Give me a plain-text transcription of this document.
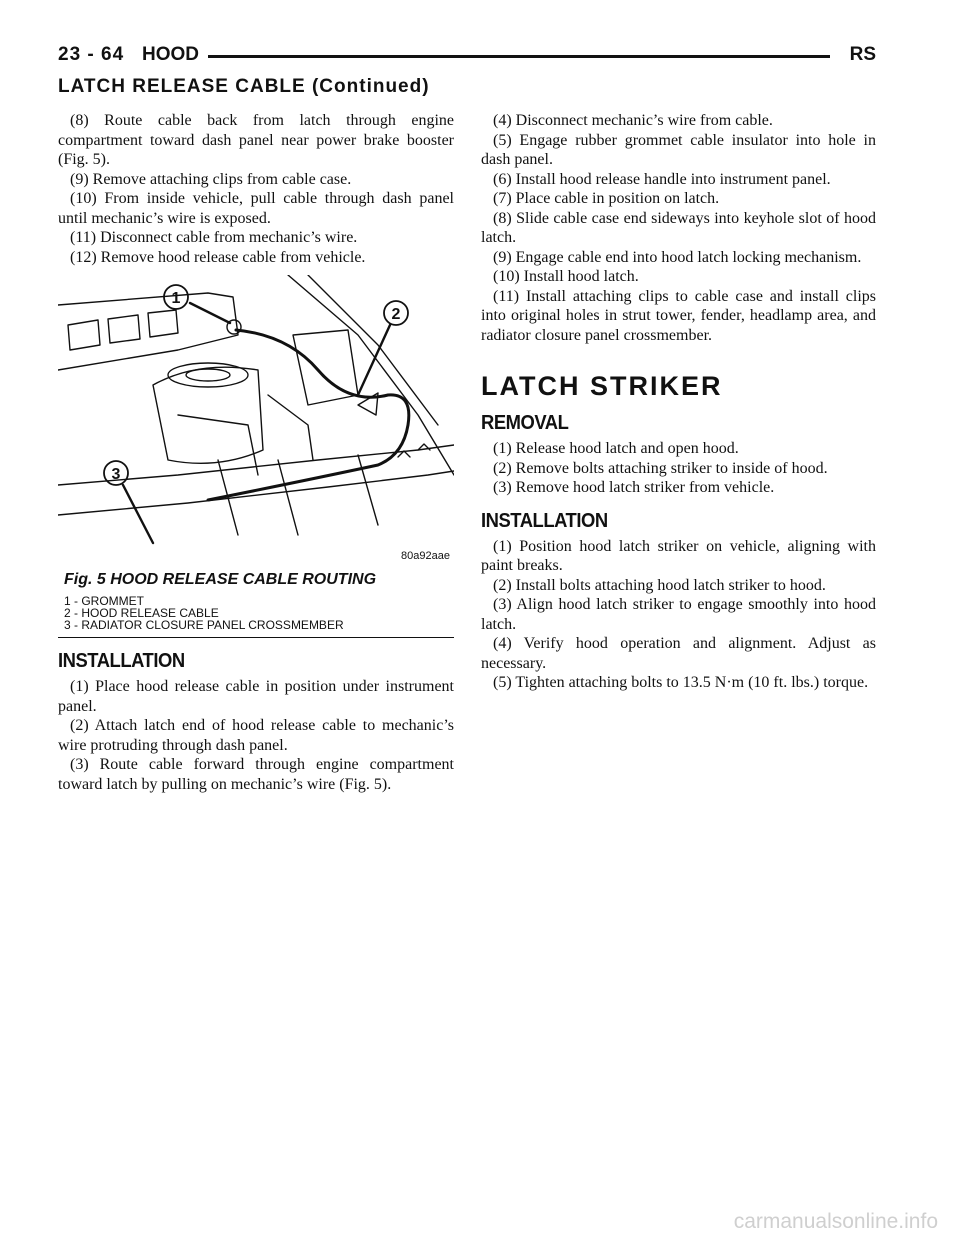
23 - 64 HOOD	RS
LATCH RELEASE CABLE (Continued)

(8) Route cable back from latch through engine compartment toward dash panel near power brake booster (Fig. 5).

(9) Remove attaching clips from cable case.

(10) From inside vehicle, pull cable through dash panel until mechanic’s wire is exposed.

(11) Disconnect cable from mechanic’s wire.

(12) Remove hood release cable from vehicle.

1
2
3
80a92aae
Fig. 5 HOOD RELEASE CABLE ROUTING
1 - GROMMET
2 - HOOD RELEASE CABLE
3 - RADIATOR CLOSURE PANEL CROSSMEMBER
INSTALLATION

(1) Place hood release cable in position under instrument panel.

(2) Attach latch end of hood release cable to mechanic’s wire protruding through dash panel.

(3) Route cable forward through engine compartment toward latch by pulling on mechanic’s wire (Fig. 5).

(4) Disconnect mechanic’s wire from cable.

(5) Engage rubber grommet cable insulator into hole in dash panel.

(6) Install hood release handle into instrument panel.

(7) Place cable in position on latch.

(8) Slide cable case end sideways into keyhole slot of hood latch.

(9) Engage cable end into hood latch locking mechanism.

(10) Install hood latch.

(11) Install attaching clips to cable case and install clips into original holes in strut tower, fender, headlamp area, and radiator closure panel crossmember.

LATCH STRIKER
REMOVAL

(1) Release hood latch and open hood.

(2) Remove bolts attaching striker to inside of hood.

(3) Remove hood latch striker from vehicle.

INSTALLATION

(1) Position hood latch striker on vehicle, aligning with paint breaks.

(2) Install bolts attaching hood latch striker to hood.

(3) Align hood latch striker to engage smoothly into hood latch.

(4) Verify hood operation and alignment. Adjust as necessary.

(5) Tighten attaching bolts to 13.5 N·m (10 ft. lbs.) torque.

carmanualsonline.info
